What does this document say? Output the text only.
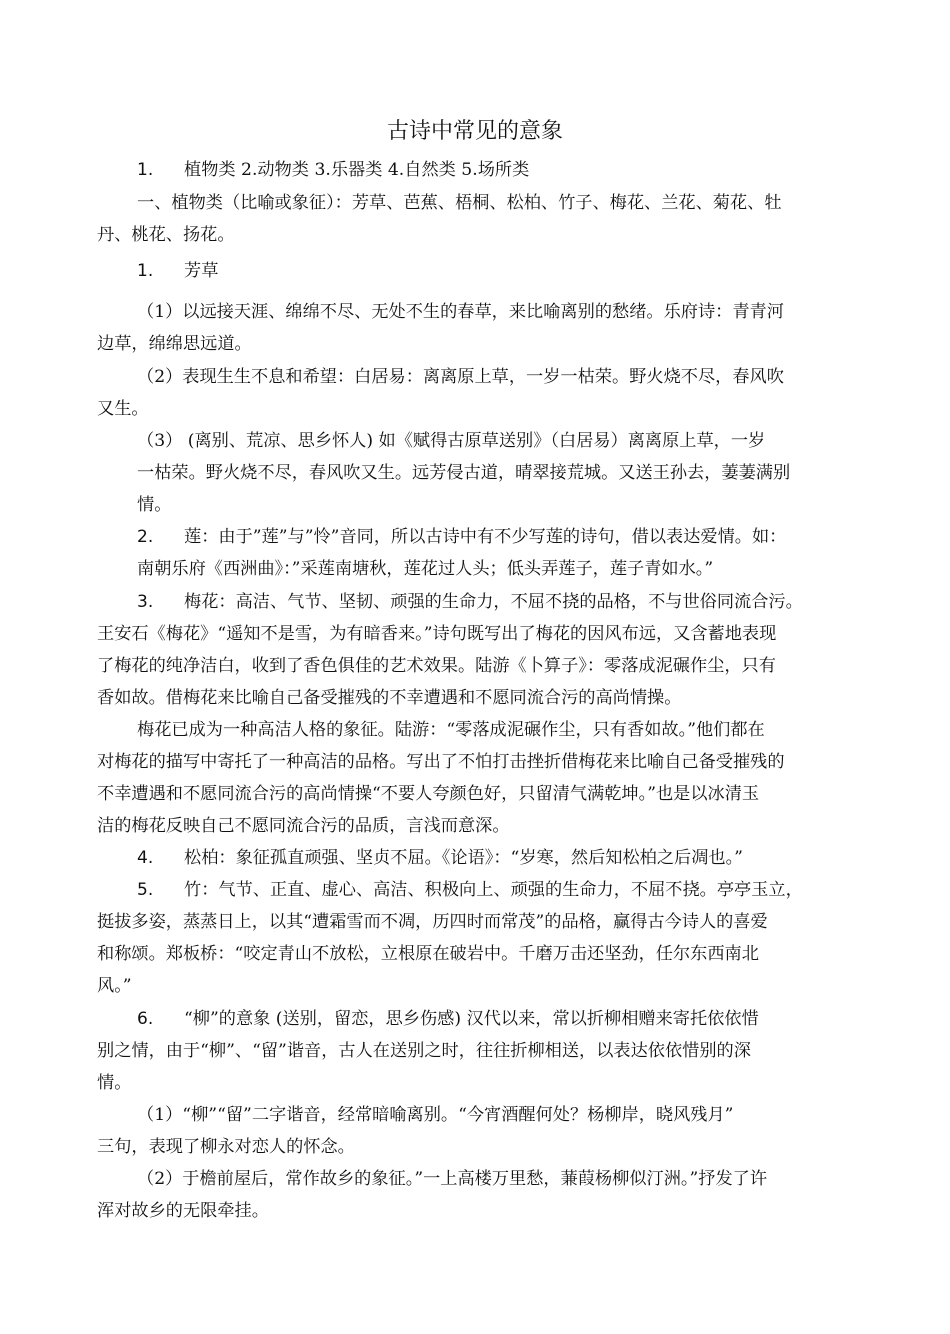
古诗中常见的意象
1. 植物类 2.动物类 3.乐器类 4.自然类 5.场所类
一、植物类（比喻或象征）：芳草、芭蕉、梧桐、松柏、竹子、梅花、兰花、菊花、牡
丹、桃花、扬花。
1. 芳草
（1）以远接天涯、绵绵不尽、无处不生的春草，来比喻离别的愁绪。乐府诗：青青河
边草，绵绵思远道。
（2）表现生生不息和希望：白居易：离离原上草，一岁一枯荣。野火烧不尽，春风吹
又生。
（3） (离别、荒凉、思乡怀人) 如《赋得古原草送别》（白居易）离离原上草，一岁
一枯荣。野火烧不尽，春风吹又生。远芳侵古道，晴翠接荒城。又送王孙去，萋萋满别
情。
2. 莲：由于”莲”与”怜”音同，所以古诗中有不少写莲的诗句，借以表达爱情。如：
南朝乐府《西洲曲》：”采莲南塘秋，莲花过人头；低头弄莲子，莲子青如水。”
3. 梅花：高洁、气节、坚韧、顽强的生命力，不屈不挠的品格，不与世俗同流合污。
王安石《梅花》“遥知不是雪，为有暗香来。”诗句既写出了梅花的因风布远，又含蓄地表现
了梅花的纯净洁白，收到了香色俱佳的艺术效果。陆游《卜算子》：零落成泥碾作尘，只有
香如故。借梅花来比喻自己备受摧残的不幸遭遇和不愿同流合污的高尚情操。
梅花已成为一种高洁人格的象征。陆游：“零落成泥碾作尘，只有香如故。”他们都在
对梅花的描写中寄托了一种高洁的品格。写出了不怕打击挫折借梅花来比喻自己备受摧残的
不幸遭遇和不愿同流合污的高尚情操“不要人夸颜色好，只留清气满乾坤。”也是以冰清玉
洁的梅花反映自己不愿同流合污的品质，言浅而意深。
4. 松柏：象征孤直顽强、坚贞不屈。《论语》：“岁寒，然后知松柏之后凋也。”
5. 竹：气节、正直、虚心、高洁、积极向上、顽强的生命力，不屈不挠。亭亭玉立，
挺拔多姿，蒸蒸日上，以其“遭霜雪而不凋，历四时而常茂”的品格，赢得古今诗人的喜爱
和称颂。郑板桥：“咬定青山不放松，立根原在破岩中。千磨万击还坚劲，任尔东西南北
风。”
6. “柳”的意象 (送别，留恋，思乡伤感) 汉代以来，常以折柳相赠来寄托依依惜
别之情，由于“柳”、“留”谐音，古人在送别之时，往往折柳相送，以表达依依惜别的深
情。
（1）“柳”“留”二字谐音，经常暗喻离别。“今宵酒醒何处？杨柳岸，晓风残月”
三句，表现了柳永对恋人的怀念。
（2）于檐前屋后，常作故乡的象征。”一上高楼万里愁，蒹葭杨柳似汀洲。”抒发了许
浑对故乡的无限牵挂。
